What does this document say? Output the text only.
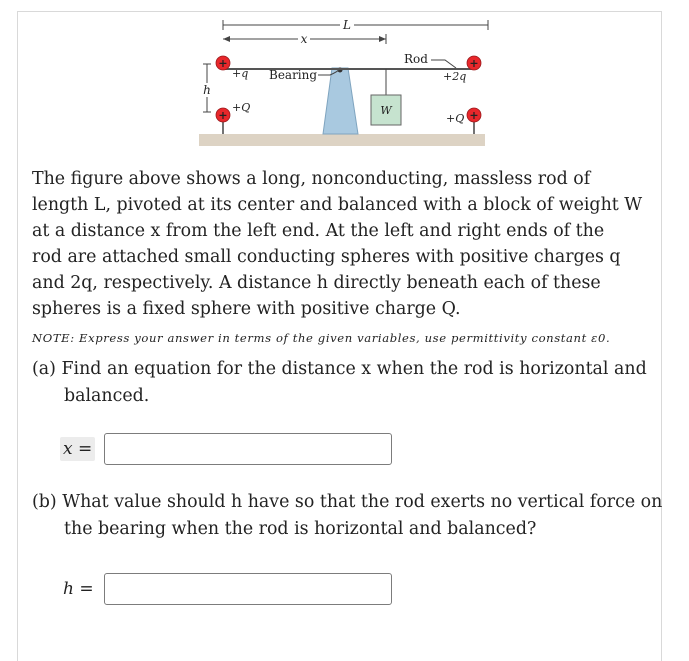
L
x
Bearing
Rod
W
h
+
+q
+
+2q
+
+Q
+
+Q

The figure above shows a long, nonconducting, massless rod of

length L, pivoted at its center and balanced with a block of weight W

at a distance x from the left end. At the left and right ends of the

rod are attached small conducting spheres with positive charges q

and 2q, respectively. A distance h directly beneath each of these

spheres is a fixed sphere with positive charge Q.

NOTE: Express your answer in terms of the given variables, use permittivity constant ε0.
(a) Find an equation for the distance x when the rod is horizontal and balanced.
x
=
(b) What value should h have so that the rod exerts no vertical force on the bearing when the rod is horizontal and balanced?
h
=
